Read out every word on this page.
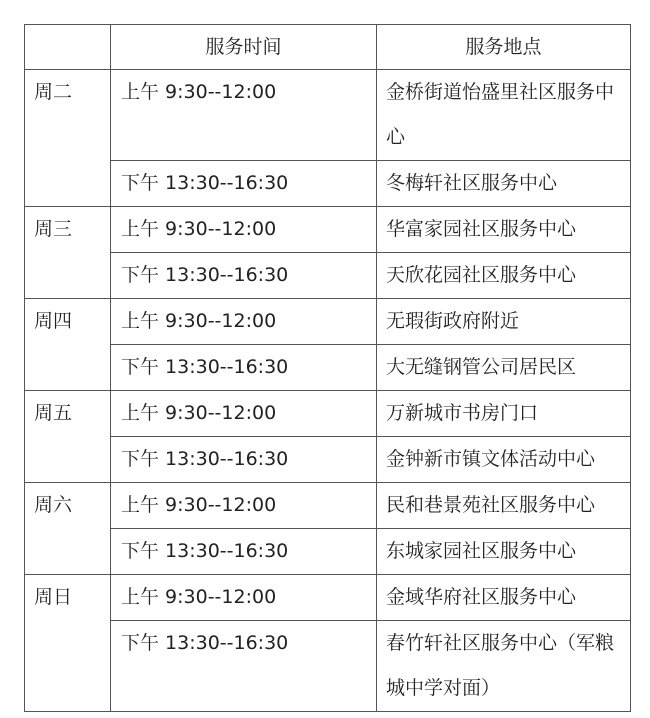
	服务时间	服务地点
周二	上午 9:30--12:00	金桥街道怡盛里社区服务中心
	下午 13:30--16:30	冬梅轩社区服务中心
周三	上午 9:30--12:00	华富家园社区服务中心
	下午 13:30--16:30	天欣花园社区服务中心
周四	上午 9:30--12:00	无瑕街政府附近
	下午 13:30--16:30	大无缝钢管公司居民区
周五	上午 9:30--12:00	万新城市书房门口
	下午 13:30--16:30	金钟新市镇文体活动中心
周六	上午 9:30--12:00	民和巷景苑社区服务中心
	下午 13:30--16:30	东城家园社区服务中心
周日	上午 9:30--12:00	金域华府社区服务中心
	下午 13:30--16:30	春竹轩社区服务中心（军粮城中学对面）
